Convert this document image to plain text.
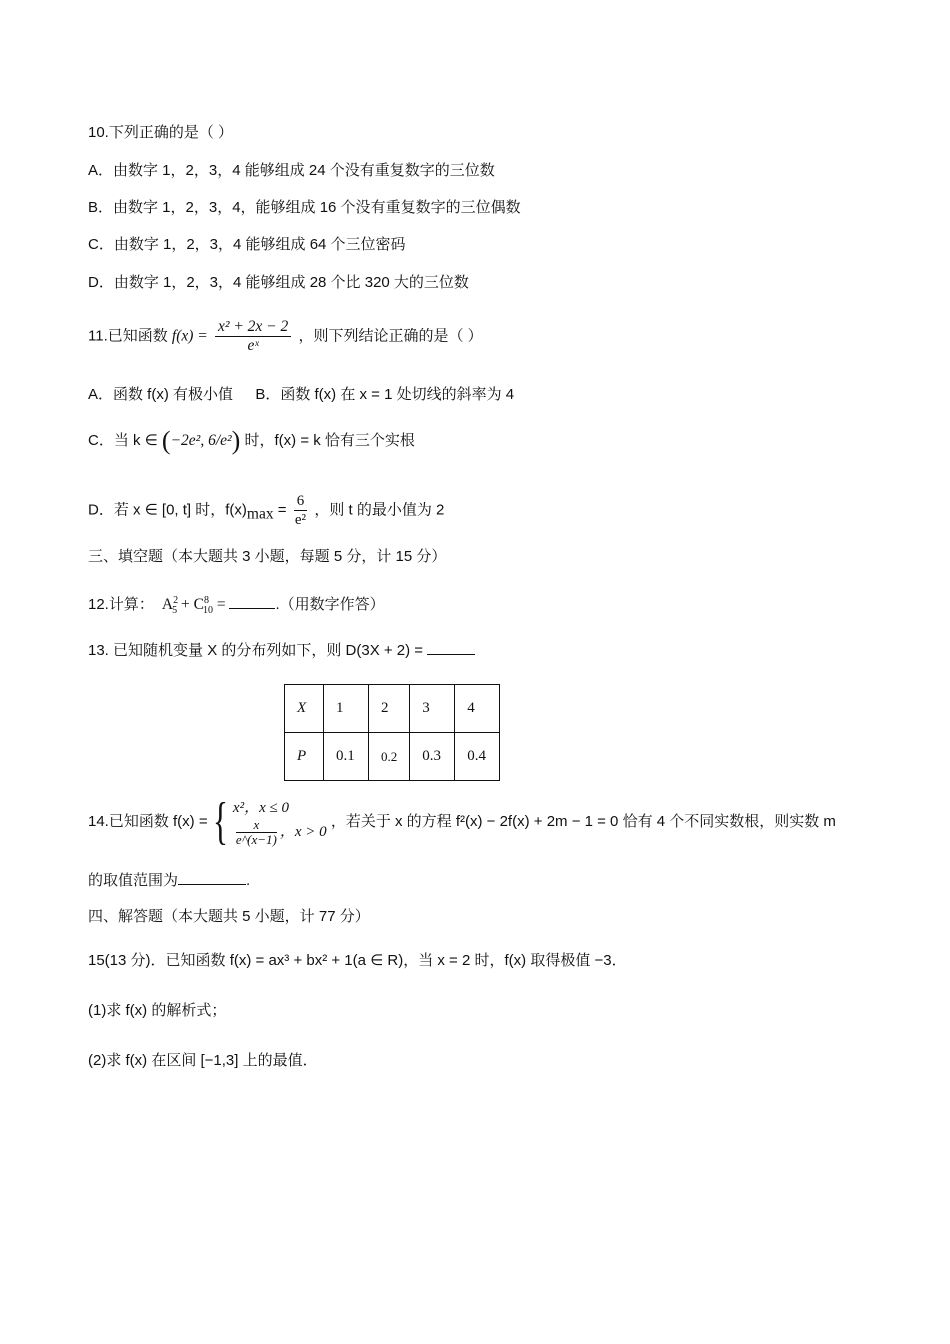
10.下列正确的是（ ）
A．由数字 1，2，3，4 能够组成 24 个没有重复数字的三位数
B．由数字 1，2，3，4，能够组成 16 个没有重复数字的三位偶数
C．由数字 1，2，3，4 能够组成 64 个三位密码
D．由数字 1，2，3，4 能够组成 28 个比 320 大的三位数
11.已知函数 $f(x) = \frac{\text{x² + 2x − 2}}{\text{eˣ}}$ ，则下列结论正确的是（ ）
A．函数 f(x) 有极小值 B．函数 f(x) 在 x = 1 处切线的斜率为 4
C．当 k ∈ (−2e², 6/e²) 时，f(x) = k 恰有三个实根
D．若 x ∈ [0, t] 时，$f(x)_{max} = \frac{6}{\text{e²}}$ ，则 t 的最小值为 2
三、填空题（本大题共 3 小题，每题 5 分，计 15 分）
12.计算： $A^2_5 + C^8_{10}$ =	.（用数字作答）
13. 已知随机变量 X 的分布列如下，则 D(3X + 2) =
X	1	2	3	4
P	0.1	0.2	0.3	0.4
14.已知函数 f(x) = { x²，x ≤ 0
$\frac{x}{e\^{}(x-1)}$ ，x > 0
，若关于 x 的方程 f²(x) − 2f(x) + 2m − 1 = 0 恰有 4 个不同实数根，则实数 m
的取值范围为	.
四、解答题（本大题共 5 小题，计 77 分）
15(13 分)．已知函数 f(x) = ax³ + bx² + 1(a ∈ R)，当 x = 2 时，f(x) 取得极值 −3．
(1)求 f(x) 的解析式；
(2)求 f(x) 在区间 [−1,3] 上的最值．
